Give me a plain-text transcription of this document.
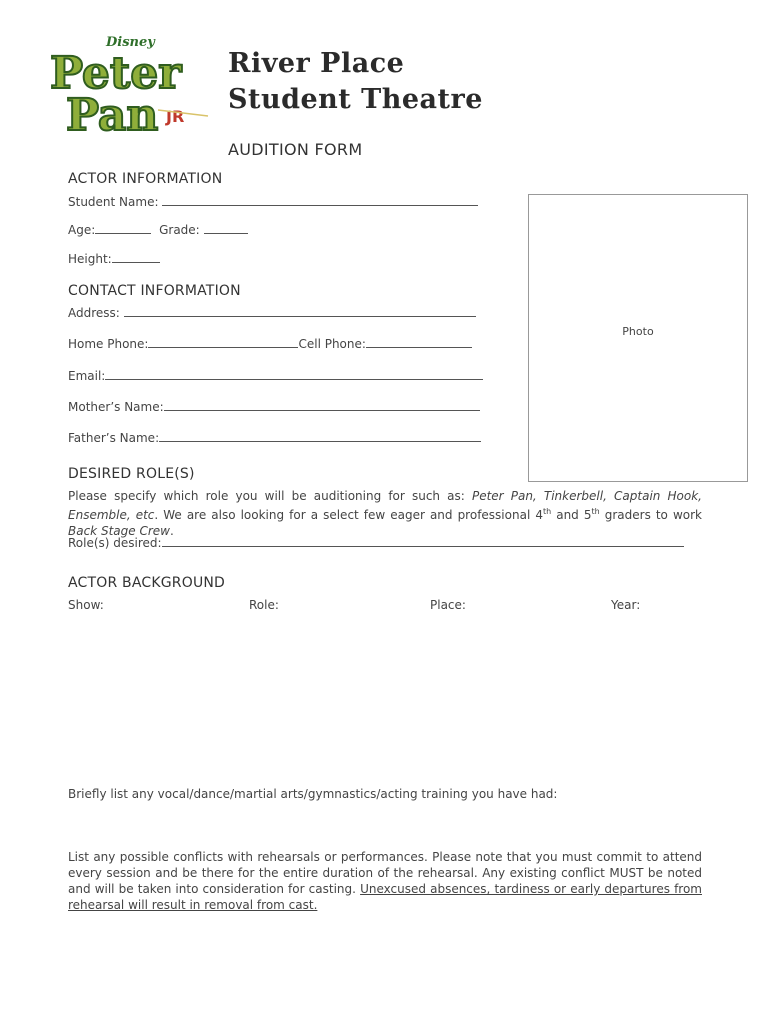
Disney
Peter
Pan JR
River Place
Student Theatre
AUDITION FORM
ACTOR INFORMATION
Student Name:
Age:	Grade:
Height:
Photo
CONTACT INFORMATION
Address:
Home Phone:	Cell Phone:
Email:
Mother’s Name:
Father’s Name:
DESIRED ROLE(S)
Please specify which role you will be auditioning for such as: Peter Pan, Tinkerbell, Captain Hook, Ensemble, etc. We are also looking for a select few eager and professional 4th and 5th graders to work Back Stage Crew.
Role(s) desired:
ACTOR BACKGROUND
Show:	Role:	Place:	Year:
Briefly list any vocal/dance/martial arts/gymnastics/acting training you have had:
List any possible conflicts with rehearsals or performances. Please note that you must commit to attend every session and be there for the entire duration of the rehearsal. Any existing conflict MUST be noted and will be taken into consideration for casting. Unexcused absences, tardiness or early departures from rehearsal will result in removal from cast.
